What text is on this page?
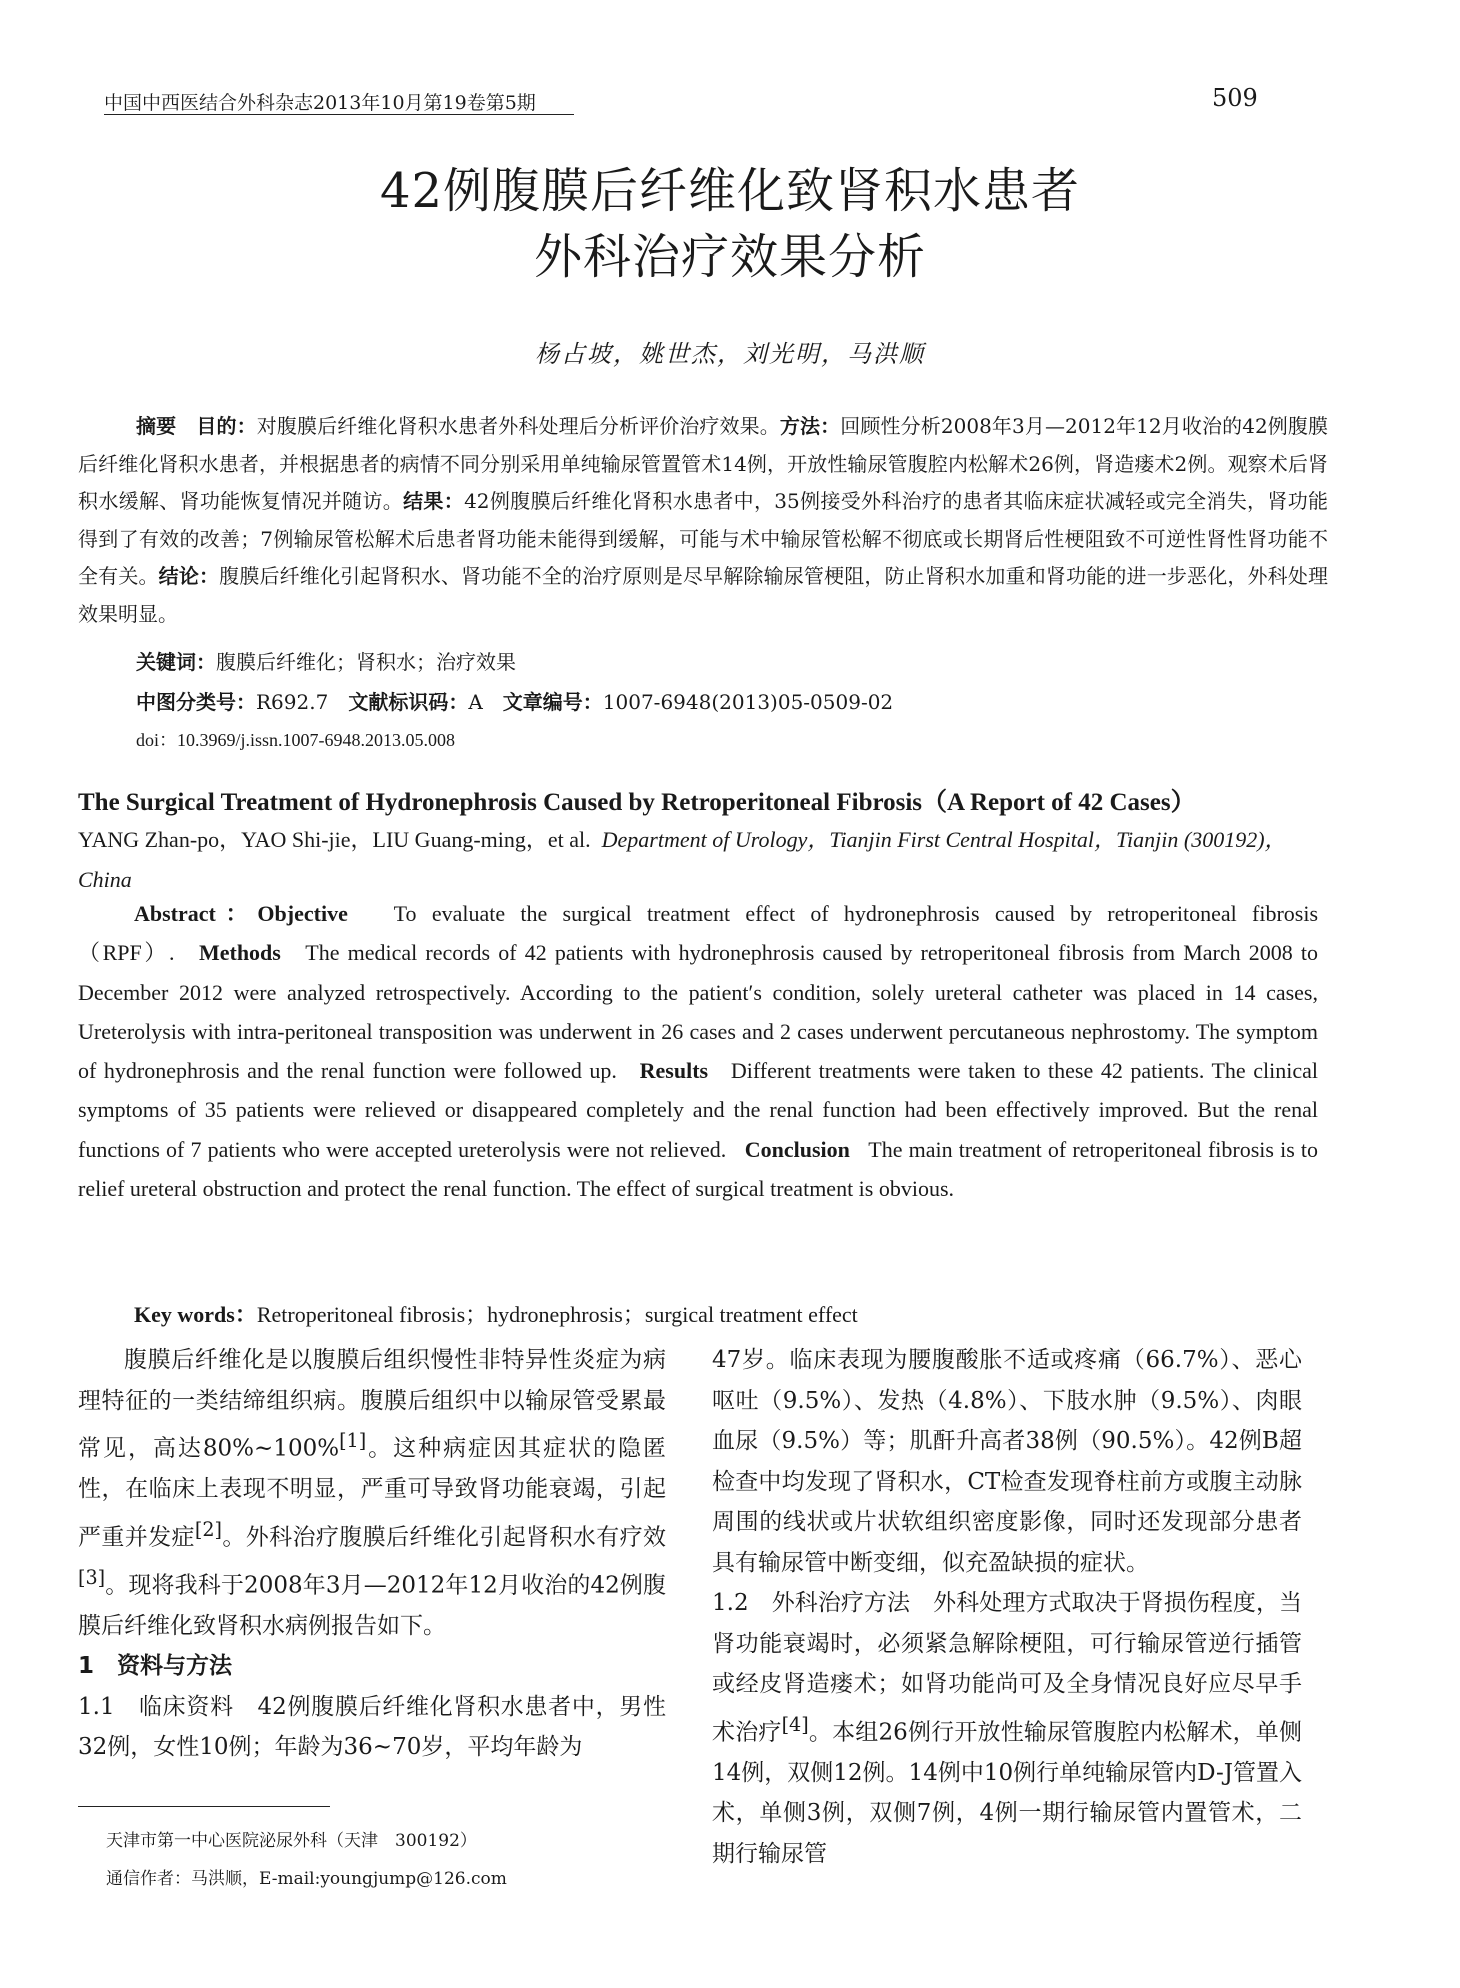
中国中西医结合外科杂志2013年10月第19卷第5期	509
42例腹膜后纤维化致肾积水患者
外科治疗效果分析
杨占坡，姚世杰，刘光明，马洪顺
摘要　 目的：对腹膜后纤维化肾积水患者外科处理后分析评价治疗效果。方法：回顾性分析2008年3月—2012年12月收治的42例腹膜后纤维化肾积水患者，并根据患者的病情不同分别采用单纯输尿管置管术14例，开放性输尿管腹腔内松解术26例，肾造瘘术2例。观察术后肾积水缓解、肾功能恢复情况并随访。结果：42例腹膜后纤维化肾积水患者中，35例接受外科治疗的患者其临床症状减轻或完全消失，肾功能得到了有效的改善；7例输尿管松解术后患者肾功能未能得到缓解，可能与术中输尿管松解不彻底或长期肾后性梗阻致不可逆性肾性肾功能不全有关。结论：腹膜后纤维化引起肾积水、肾功能不全的治疗原则是尽早解除输尿管梗阻，防止肾积水加重和肾功能的进一步恶化，外科处理效果明显。
关键词：腹膜后纤维化；肾积水；治疗效果
中图分类号：R692.7　 文献标识码：A　 文章编号：1007-6948(2013)05-0509-02
doi：10.3969/j.issn.1007-6948.2013.05.008
The Surgical Treatment of Hydronephrosis Caused by Retroperitoneal Fibrosis（A Report of 42 Cases）
YANG Zhan-po，YAO Shi-jie，LIU Guang-ming，et al. Department of Urology，Tianjin First Central Hospital，Tianjin (300192)，China
Abstract：Objective To evaluate the surgical treatment effect of hydronephrosis caused by retroperitoneal fibrosis（RPF）. Methods The medical records of 42 patients with hydronephrosis caused by retroperitoneal fibrosis from March 2008 to December 2012 were analyzed retrospectively. According to the patient′s condition, solely ureteral catheter was placed in 14 cases, Ureterolysis with intra-peritoneal transposition was underwent in 26 cases and 2 cases underwent percutaneous nephrostomy. The symptom of hydronephrosis and the renal function were followed up. Results Different treatments were taken to these 42 patients. The clinical symptoms of 35 patients were relieved or disappeared completely and the renal function had been effectively improved. But the renal functions of 7 patients who were accepted ureterolysis were not relieved. Conclusion The main treatment of retroperitoneal fibrosis is to relief ureteral obstruction and protect the renal function. The effect of surgical treatment is obvious.
Key words：Retroperitoneal fibrosis；hydronephrosis；surgical treatment effect

腹膜后纤维化是以腹膜后组织慢性非特异性炎症为病理特征的一类结缔组织病。腹膜后组织中以输尿管受累最常见，高达80%~100%[1]。这种病症因其症状的隐匿性，在临床上表现不明显，严重可导致肾功能衰竭，引起严重并发症[2]。外科治疗腹膜后纤维化引起肾积水有疗效[3]。现将我科于2008年3月—2012年12月收治的42例腹膜后纤维化致肾积水病例报告如下。

1　资料与方法

1.1　临床资料　42例腹膜后纤维化肾积水患者中，男性32例，女性10例；年龄为36~70岁，平均年龄为

47岁。临床表现为腰腹酸胀不适或疼痛（66.7%）、恶心呕吐（9.5%）、发热（4.8%）、下肢水肿（9.5%）、肉眼血尿（9.5%）等；肌酐升高者38例（90.5%）。42例B超检查中均发现了肾积水，CT检查发现脊柱前方或腹主动脉周围的线状或片状软组织密度影像，同时还发现部分患者具有输尿管中断变细，似充盈缺损的症状。

1.2　外科治疗方法　外科处理方式取决于肾损伤程度，当肾功能衰竭时，必须紧急解除梗阻，可行输尿管逆行插管或经皮肾造瘘术；如肾功能尚可及全身情况良好应尽早手术治疗[4]。本组26例行开放性输尿管腹腔内松解术，单侧14例，双侧12例。14例中10例行单纯输尿管内D-J管置入术，单侧3例，双侧7例，4例一期行输尿管内置管术，二期行输尿管

天津市第一中心医院泌尿外科（天津　300192）
通信作者：马洪顺，E-mail:youngjump@126.com
